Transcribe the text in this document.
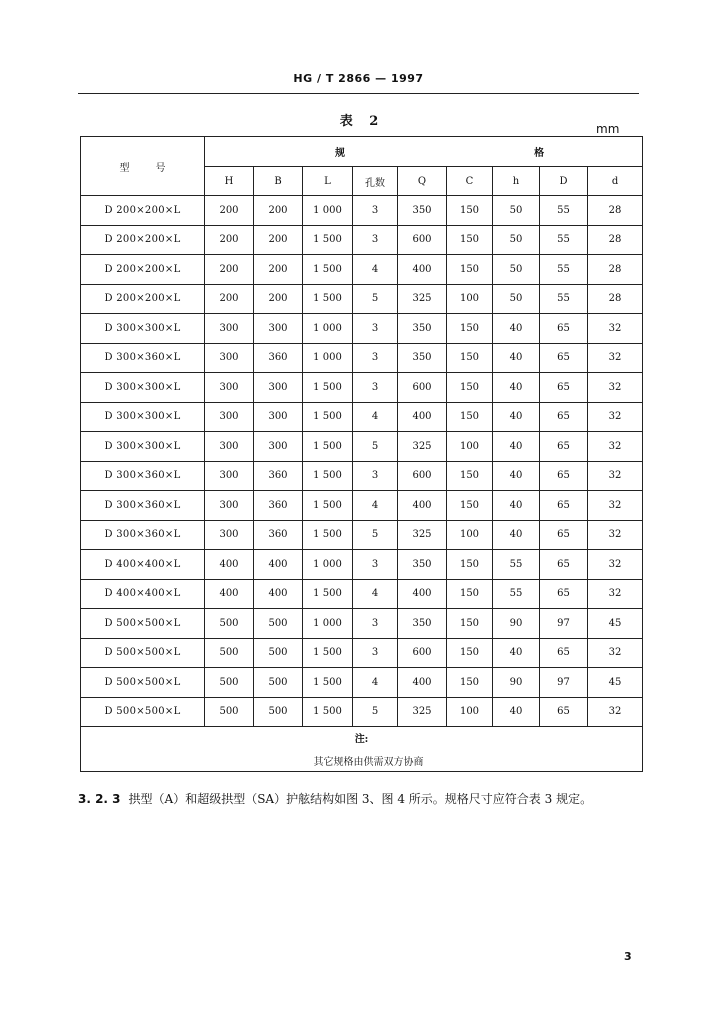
HG / T 2866 — 1997
表 2	mm
型号	规 格								

	H	B	L	孔数	Q	C	h	D	d
D 200×200×L	200	200	1 000	3	350	150	50	55	28
D 200×200×L	200	200	1 500	3	600	150	50	55	28
D 200×200×L	200	200	1 500	4	400	150	50	55	28
D 200×200×L	200	200	1 500	5	325	100	50	55	28
D 300×300×L	300	300	1 000	3	350	150	40	65	32
D 300×360×L	300	360	1 000	3	350	150	40	65	32
D 300×300×L	300	300	1 500	3	600	150	40	65	32
D 300×300×L	300	300	1 500	4	400	150	40	65	32
D 300×300×L	300	300	1 500	5	325	100	40	65	32
D 300×360×L	300	360	1 500	3	600	150	40	65	32
D 300×360×L	300	360	1 500	4	400	150	40	65	32
D 300×360×L	300	360	1 500	5	325	100	40	65	32
D 400×400×L	400	400	1 000	3	350	150	55	65	32
D 400×400×L	400	400	1 500	4	400	150	55	65	32
D 500×500×L	500	500	1 000	3	350	150	90	97	45
D 500×500×L	500	500	1 500	3	600	150	40	65	32
D 500×500×L	500	500	1 500	4	400	150	90	97	45
D 500×500×L	500	500	1 500	5	325	100	40	65	32

注:
其它规格由供需双方协商									
3. 2. 3 拱型（A）和超级拱型（SA）护舷结构如图 3、图 4 所示。规格尺寸应符合表 3 规定。
3
